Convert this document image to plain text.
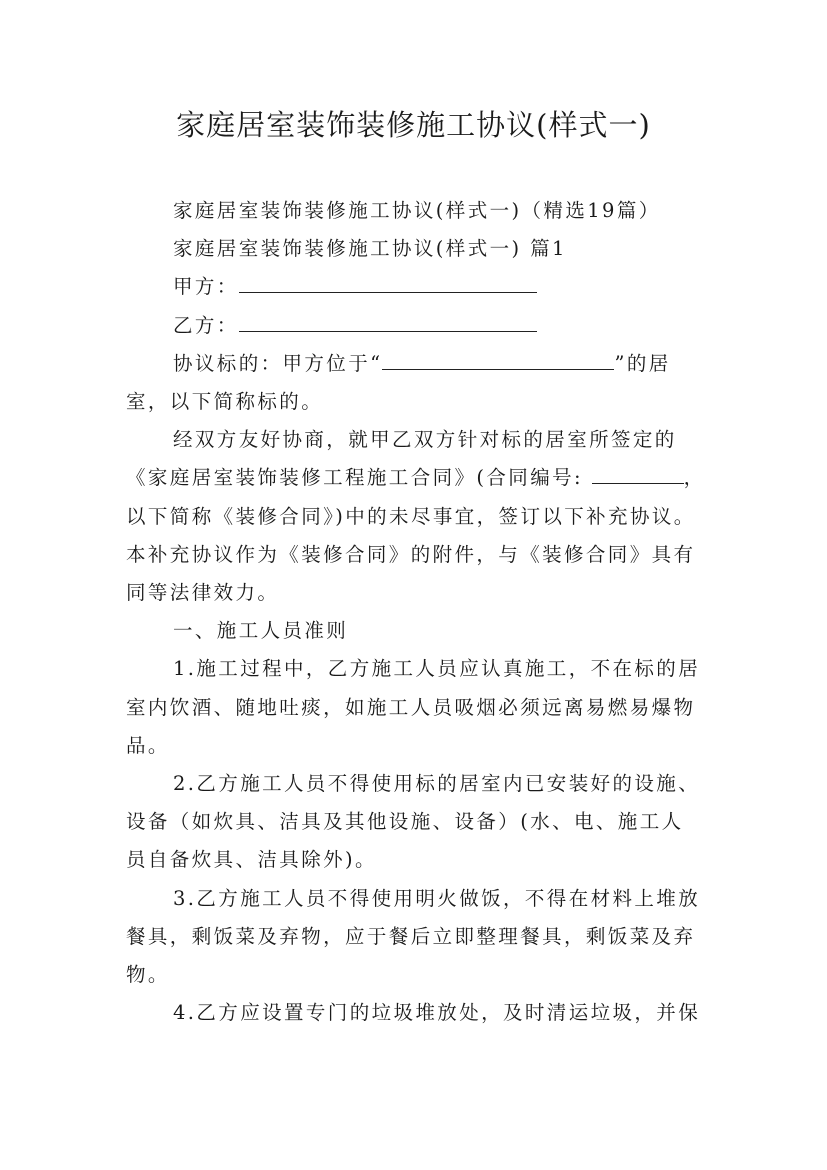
家庭居室装饰装修施工协议(样式一)
家庭居室装饰装修施工协议(样式一)（精选19篇）
家庭居室装饰装修施工协议(样式一) 篇1
甲方：
乙方：
协议标的：甲方位于“	”的居
室，以下简称标的。
经双方友好协商，就甲乙双方针对标的居室所签定的
《家庭居室装饰装修工程施工合同》(合同编号:	，
以下简称《装修合同》)中的未尽事宜，签订以下补充协议。
本补充协议作为《装修合同》的附件，与《装修合同》具有
同等法律效力。
一、施工人员准则
1.施工过程中，乙方施工人员应认真施工，不在标的居
室内饮酒、随地吐痰，如施工人员吸烟必须远离易燃易爆物
品。
2.乙方施工人员不得使用标的居室内已安装好的设施、
设备（如炊具、洁具及其他设施、设备）(水、电、施工人
员自备炊具、洁具除外)。
3.乙方施工人员不得使用明火做饭，不得在材料上堆放
餐具，剩饭菜及弃物，应于餐后立即整理餐具，剩饭菜及弃
物。
4.乙方应设置专门的垃圾堆放处，及时清运垃圾，并保
